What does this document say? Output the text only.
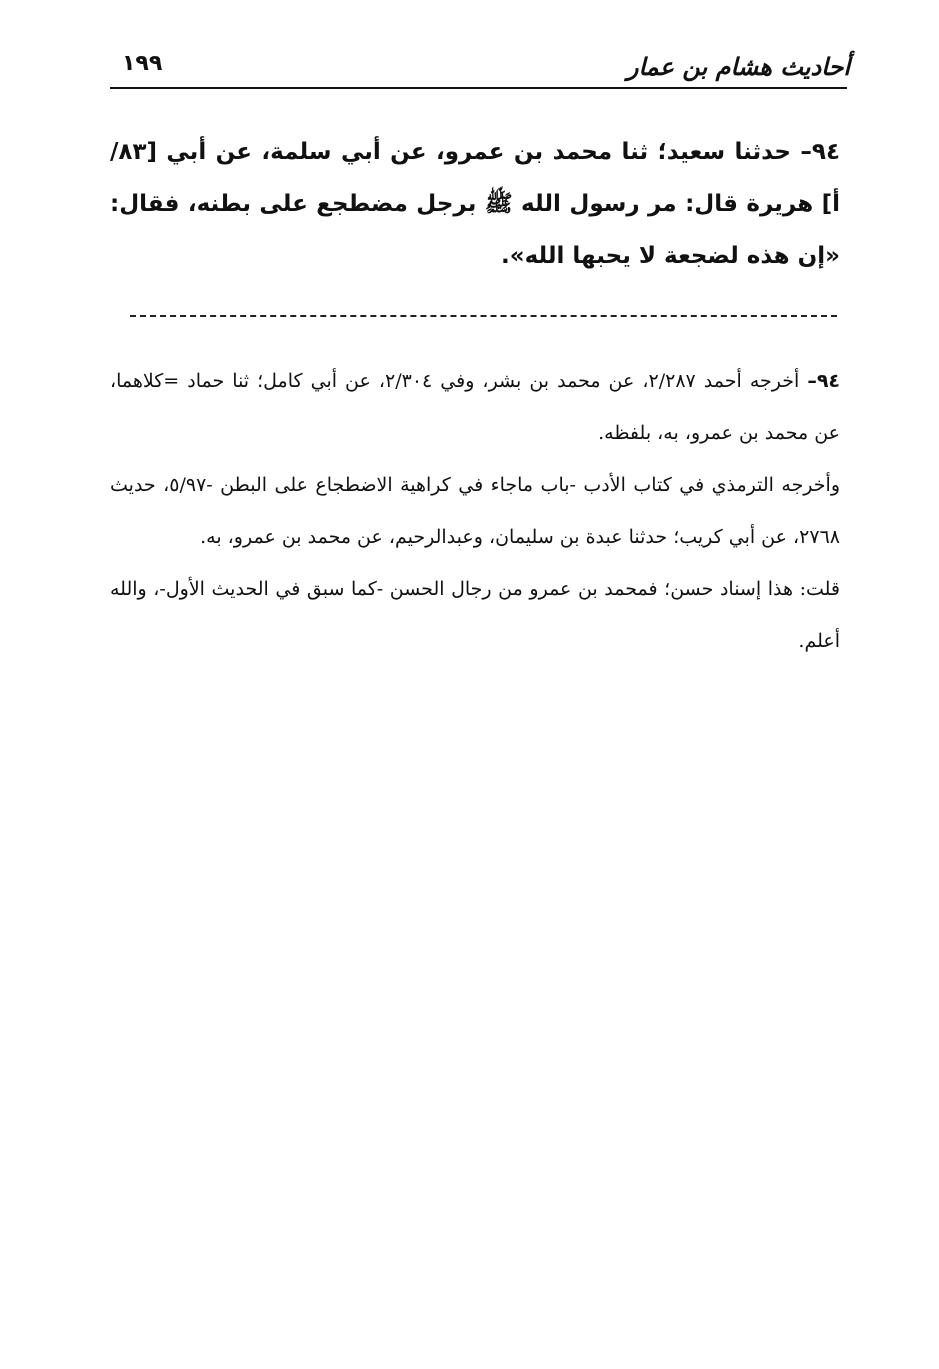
أحاديث هشام بن عمار
١٩٩
٩٤– حدثنا سعيد؛ ثنا محمد بن عمرو، عن أبي سلمة، عن أبي [٨٣/أ] هريرة قال: مر رسول الله ﷺ برجل مضطجع على بطنه، فقال: «إن هذه لضجعة لا يحبها الله».

٩٤– أخرجه أحمد ٢/٢٨٧، عن محمد بن بشر، وفي ٢/٣٠٤، عن أبي كامل؛ ثنا حماد =كلاهما، عن محمد بن عمرو، به، بلفظه.

وأخرجه الترمذي في كتاب الأدب -باب ماجاء في كراهية الاضطجاع على البطن -٥/٩٧، حديث ٢٧٦٨، عن أبي كريب؛ حدثنا عبدة بن سليمان، وعبدالرحيم، عن محمد بن عمرو، به.

قلت: هذا إسناد حسن؛ فمحمد بن عمرو من رجال الحسن -كما سبق في الحديث الأول-، والله أعلم.
